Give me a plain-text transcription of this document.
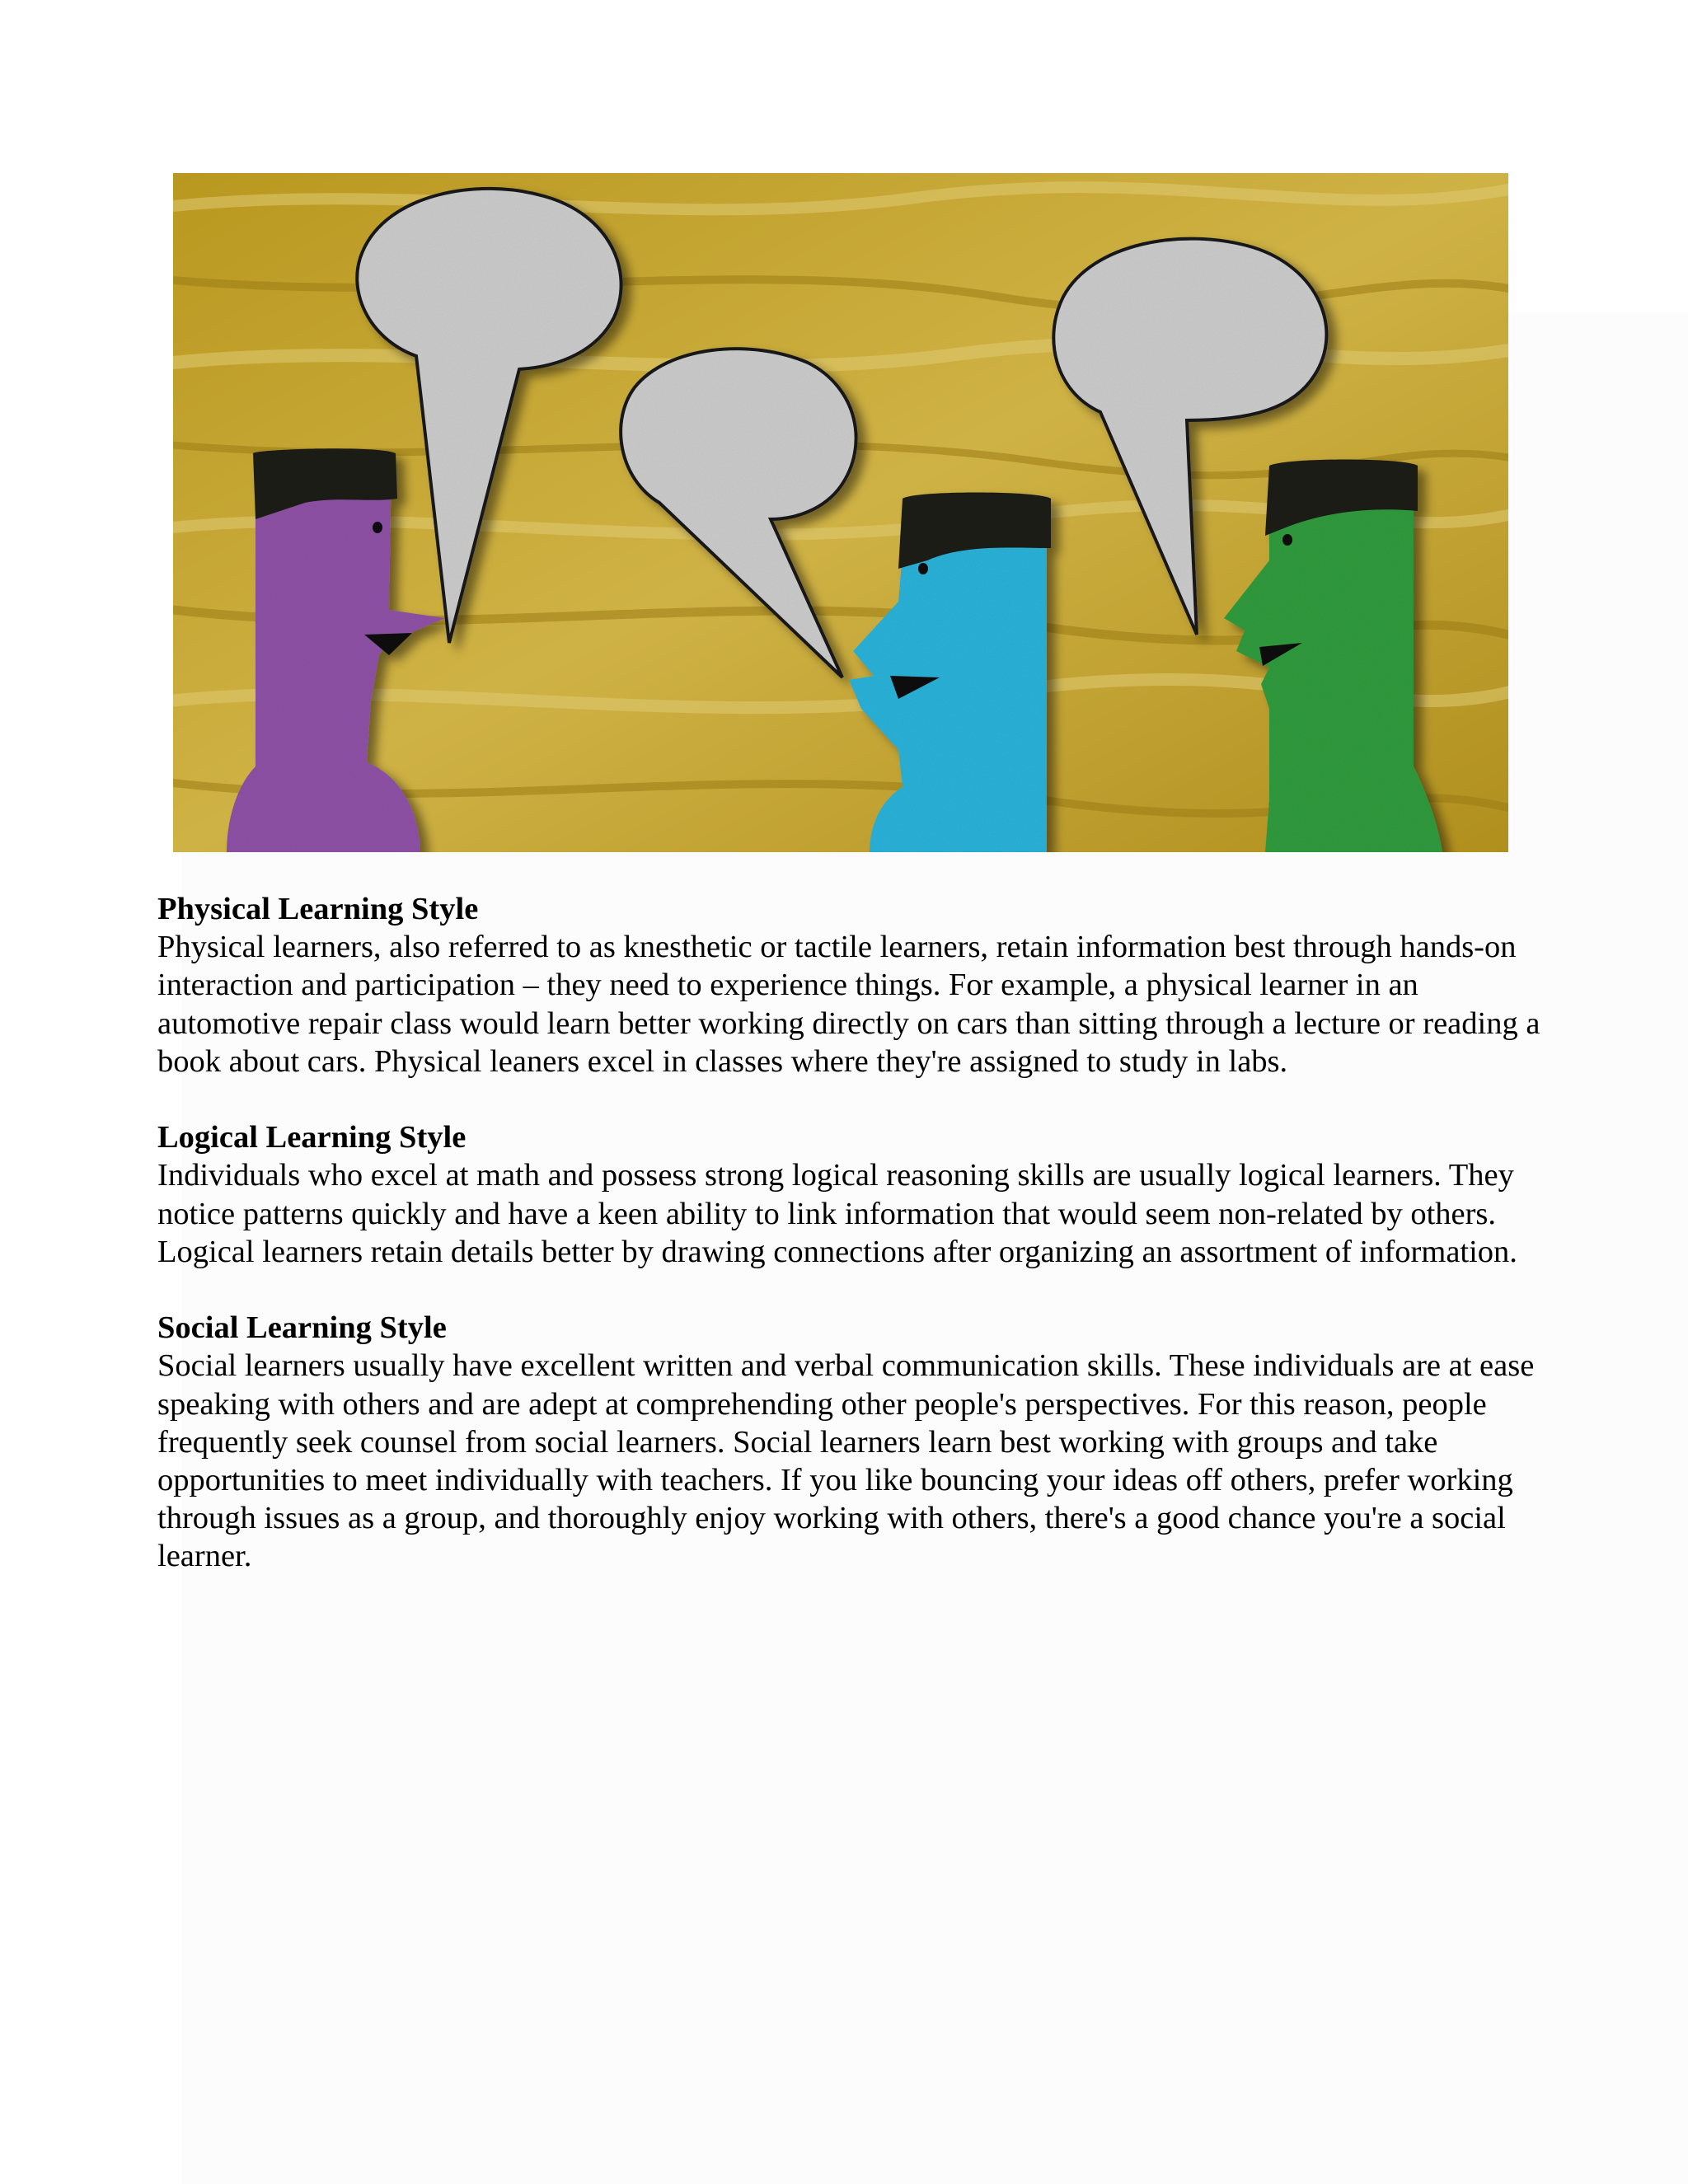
Physical Learning Style

Physical learners, also referred to as knesthetic or tactile learners, retain information best through hands-on interaction and participation – they need to experience things. For example, a physical learner in an automotive repair class would learn better working directly on cars than sitting through a lecture or reading a book about cars. Physical leaners excel in classes where they're assigned to study in labs.

Logical Learning Style

Individuals who excel at math and possess strong logical reasoning skills are usually logical learners. They notice patterns quickly and have a keen ability to link information that would seem non-related by others. Logical learners retain details better by drawing connections after organizing an assortment of information.

Social Learning Style

Social learners usually have excellent written and verbal communication skills. These individuals are at ease speaking with others and are adept at comprehending other people's perspectives. For this reason, people frequently seek counsel from social learners. Social learners learn best working with groups and take opportunities to meet individually with teachers. If you like bouncing your ideas off others, prefer working through issues as a group, and thoroughly enjoy working with others, there's a good chance you're a social learner.
